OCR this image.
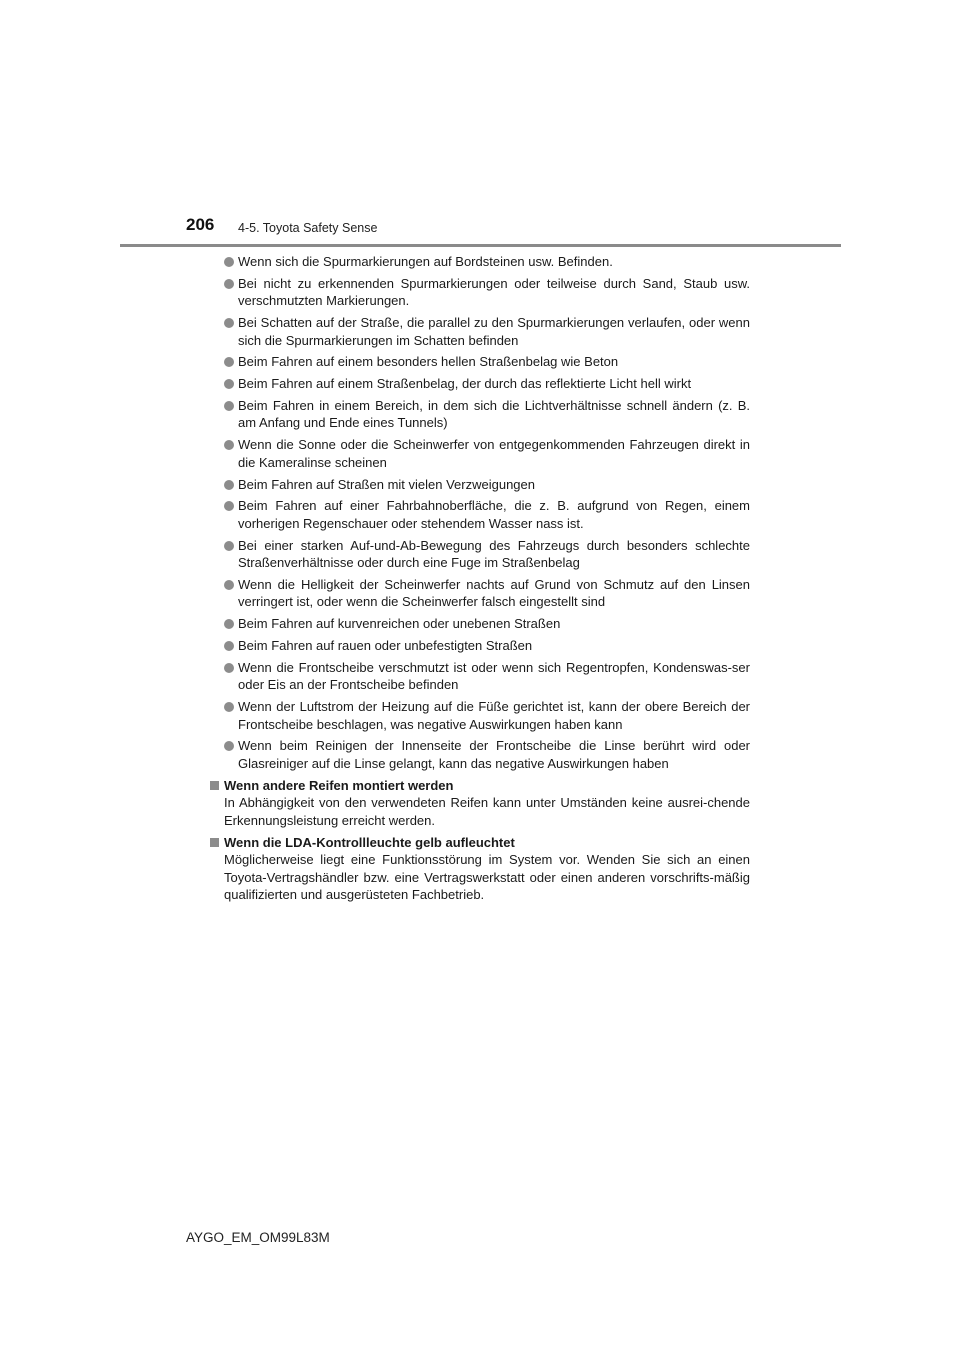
206 4-5. Toyota Safety Sense
Wenn sich die Spurmarkierungen auf Bordsteinen usw. Befinden.
Bei nicht zu erkennenden Spurmarkierungen oder teilweise durch Sand, Staub usw. verschmutzten Markierungen.
Bei Schatten auf der Straße, die parallel zu den Spurmarkierungen verlaufen, oder wenn sich die Spurmarkierungen im Schatten befinden
Beim Fahren auf einem besonders hellen Straßenbelag wie Beton
Beim Fahren auf einem Straßenbelag, der durch das reflektierte Licht hell wirkt
Beim Fahren in einem Bereich, in dem sich die Lichtverhältnisse schnell ändern (z. B. am Anfang und Ende eines Tunnels)
Wenn die Sonne oder die Scheinwerfer von entgegenkommenden Fahrzeugen direkt in die Kameralinse scheinen
Beim Fahren auf Straßen mit vielen Verzweigungen
Beim Fahren auf einer Fahrbahnoberfläche, die z. B. aufgrund von Regen, einem vorherigen Regenschauer oder stehendem Wasser nass ist.
Bei einer starken Auf-und-Ab-Bewegung des Fahrzeugs durch besonders schlechte Straßenverhältnisse oder durch eine Fuge im Straßenbelag
Wenn die Helligkeit der Scheinwerfer nachts auf Grund von Schmutz auf den Linsen verringert ist, oder wenn die Scheinwerfer falsch eingestellt sind
Beim Fahren auf kurvenreichen oder unebenen Straßen
Beim Fahren auf rauen oder unbefestigten Straßen
Wenn die Frontscheibe verschmutzt ist oder wenn sich Regentropfen, Kondenswas-ser oder Eis an der Frontscheibe befinden
Wenn der Luftstrom der Heizung auf die Füße gerichtet ist, kann der obere Bereich der Frontscheibe beschlagen, was negative Auswirkungen haben kann
Wenn beim Reinigen der Innenseite der Frontscheibe die Linse berührt wird oder Glasreiniger auf die Linse gelangt, kann das negative Auswirkungen haben
Wenn andere Reifen montiert werden
In Abhängigkeit von den verwendeten Reifen kann unter Umständen keine ausrei-chende Erkennungsleistung erreicht werden.
Wenn die LDA-Kontrollleuchte gelb aufleuchtet
Möglicherweise liegt eine Funktionsstörung im System vor. Wenden Sie sich an einen Toyota-Vertragshändler bzw. eine Vertragswerkstatt oder einen anderen vorschrifts-mäßig qualifizierten und ausgerüsteten Fachbetrieb.
AYGO_EM_OM99L83M
